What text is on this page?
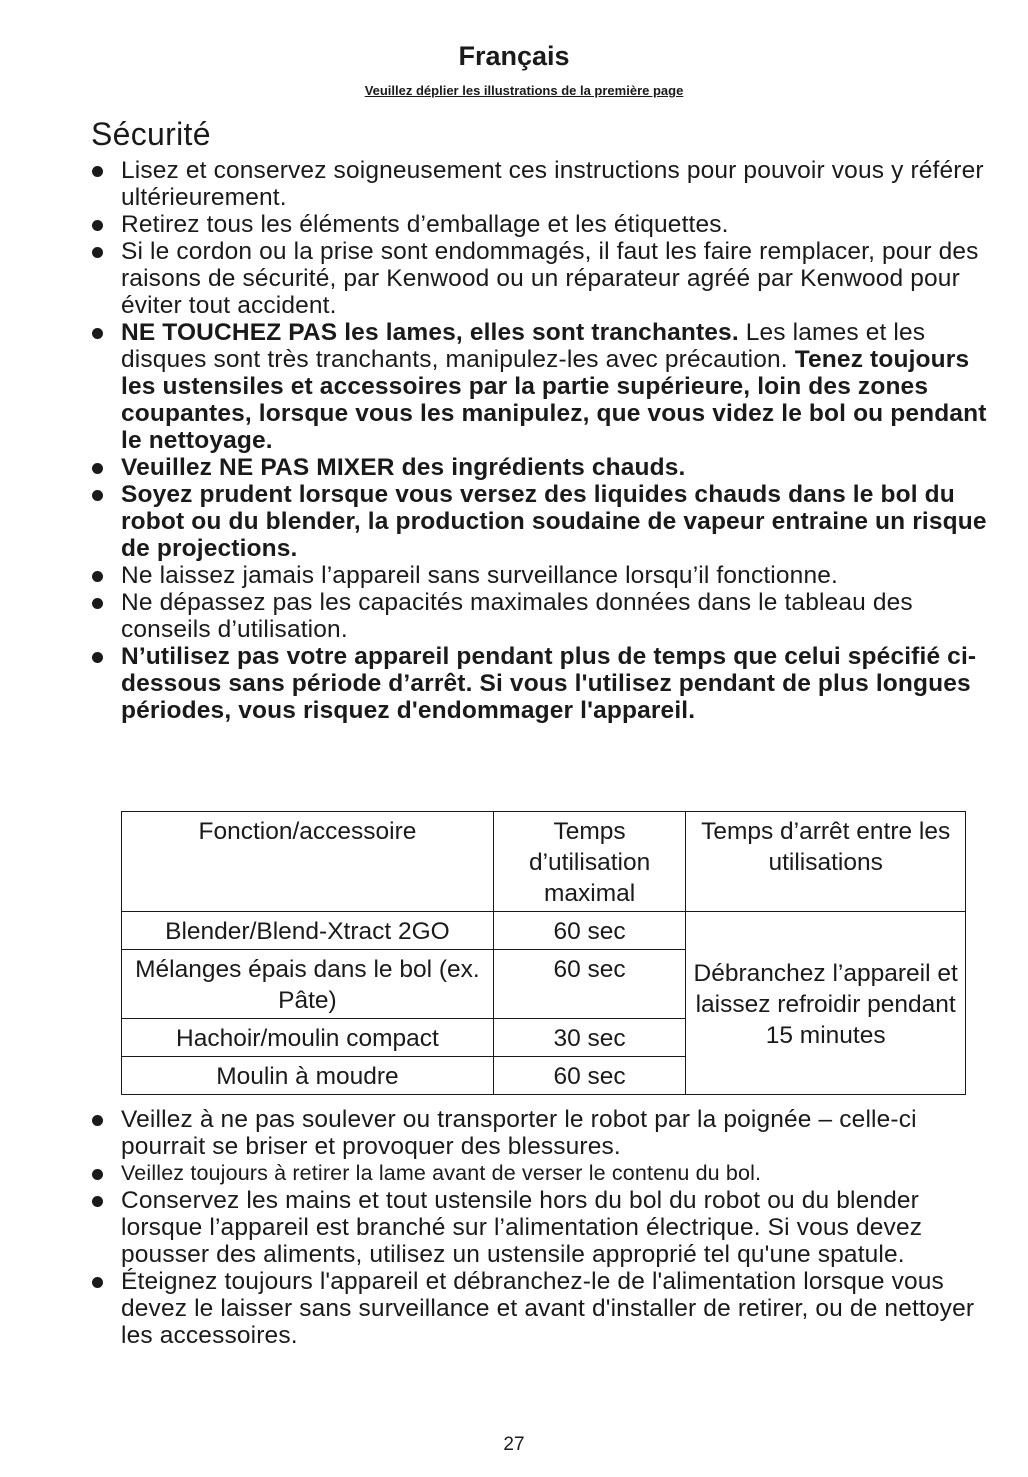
Français
Veuillez déplier les illustrations de la première page
Sécurité
Lisez et conservez soigneusement ces instructions pour pouvoir vous y référer ultérieurement.
Retirez tous les éléments d’emballage et les étiquettes.
Si le cordon ou la prise sont endommagés, il faut les faire remplacer, pour des raisons de sécurité, par Kenwood ou un réparateur agréé par Kenwood pour éviter tout accident.
NE TOUCHEZ PAS les lames, elles sont tranchantes. Les lames et les disques sont très tranchants, manipulez-les avec précaution. Tenez toujours les ustensiles et accessoires par la partie supérieure, loin des zones coupantes, lorsque vous les manipulez, que vous videz le bol ou pendant le nettoyage.
Veuillez NE PAS MIXER des ingrédients chauds.
Soyez prudent lorsque vous versez des liquides chauds dans le bol du robot ou du blender, la production soudaine de vapeur entraine un risque de projections.
Ne laissez jamais l’appareil sans surveillance lorsqu’il fonctionne.
Ne dépassez pas les capacités maximales données dans le tableau des conseils d’utilisation.
N’utilisez pas votre appareil pendant plus de temps que celui spécifié ci-dessous sans période d’arrêt. Si vous l'utilisez pendant de plus longues périodes, vous risquez d'endommager l'appareil.
Fonction/accessoire	Temps d’utilisation maximal	Temps d’arrêt entre les utilisations
Blender/Blend-Xtract 2GO	60 sec	Débranchez l’appareil et laissez refroidir pendant 15 minutes
Mélanges épais dans le bol (ex. Pâte)	60 sec	
Hachoir/moulin compact	30 sec	
Moulin à moudre	60 sec	
Veillez à ne pas soulever ou transporter le robot par la poignée – celle-ci pourrait se briser et provoquer des blessures.
Veillez toujours à retirer la lame avant de verser le contenu du bol.
Conservez les mains et tout ustensile hors du bol du robot ou du blender lorsque l’appareil est branché sur l’alimentation électrique. Si vous devez pousser des aliments, utilisez un ustensile approprié tel qu'une spatule.
Éteignez toujours l'appareil et débranchez-le de l'alimentation lorsque vous devez le laisser sans surveillance et avant d'installer de retirer, ou de nettoyer les accessoires.
27
